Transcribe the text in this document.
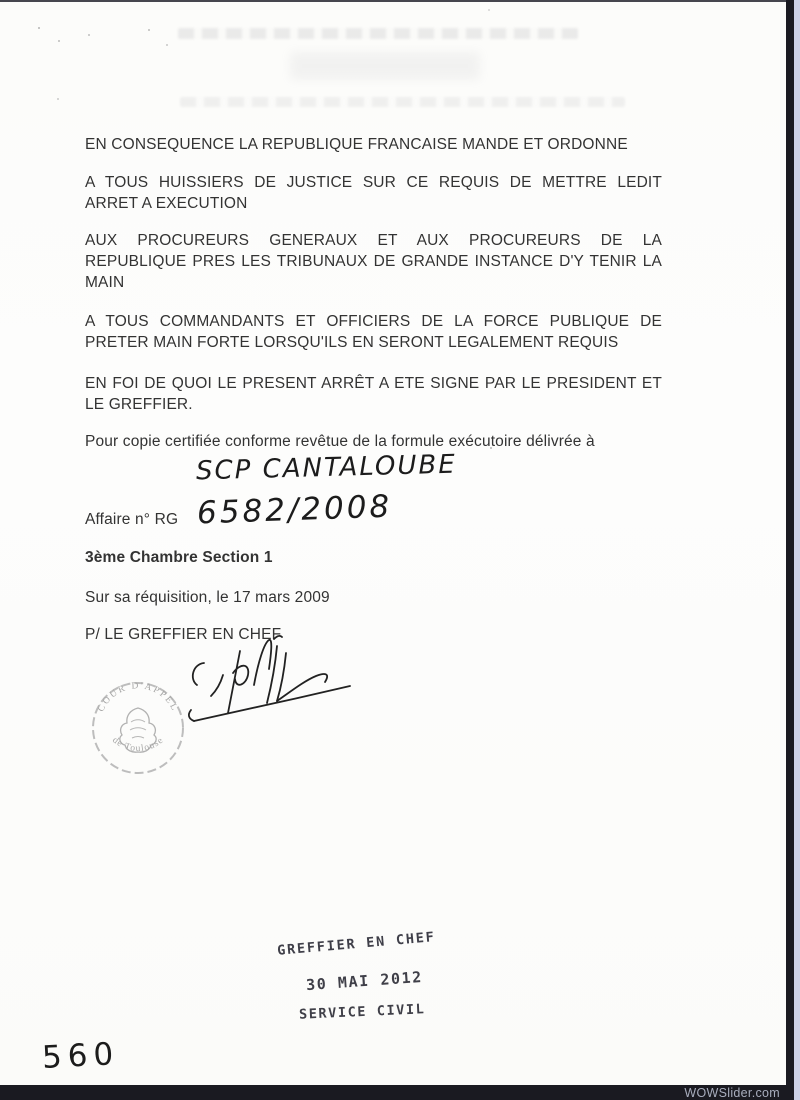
EN CONSEQUENCE LA REPUBLIQUE FRANCAISE MANDE ET ORDONNE
A TOUS HUISSIERS DE JUSTICE SUR CE REQUIS DE METTRE LEDIT
ARRET A EXECUTION
AUX PROCUREURS GENERAUX ET AUX PROCUREURS DE LA
REPUBLIQUE PRES LES TRIBUNAUX DE GRANDE INSTANCE D'Y TENIR LA
MAIN
A TOUS COMMANDANTS ET OFFICIERS DE LA FORCE PUBLIQUE DE
PRETER MAIN FORTE LORSQU'ILS EN SERONT LEGALEMENT REQUIS
EN FOI DE QUOI LE PRESENT ARRÊT A ETE SIGNE PAR LE PRESIDENT ET
LE GREFFIER.
Pour copie certifiée conforme revêtue de la formule exécutoire délivrée à
SCP CANTALOUBE
Affaire n° RG 6582/2008
3ème Chambre Section 1
Sur sa réquisition, le 17 mars 2009
P/ LE GREFFIER EN CHEF
COUR D'APPEL
de Toulouse
GREFFIER EN CHEF
30 MAI 2012
SERVICE CIVIL
560
WOWSlider.com
